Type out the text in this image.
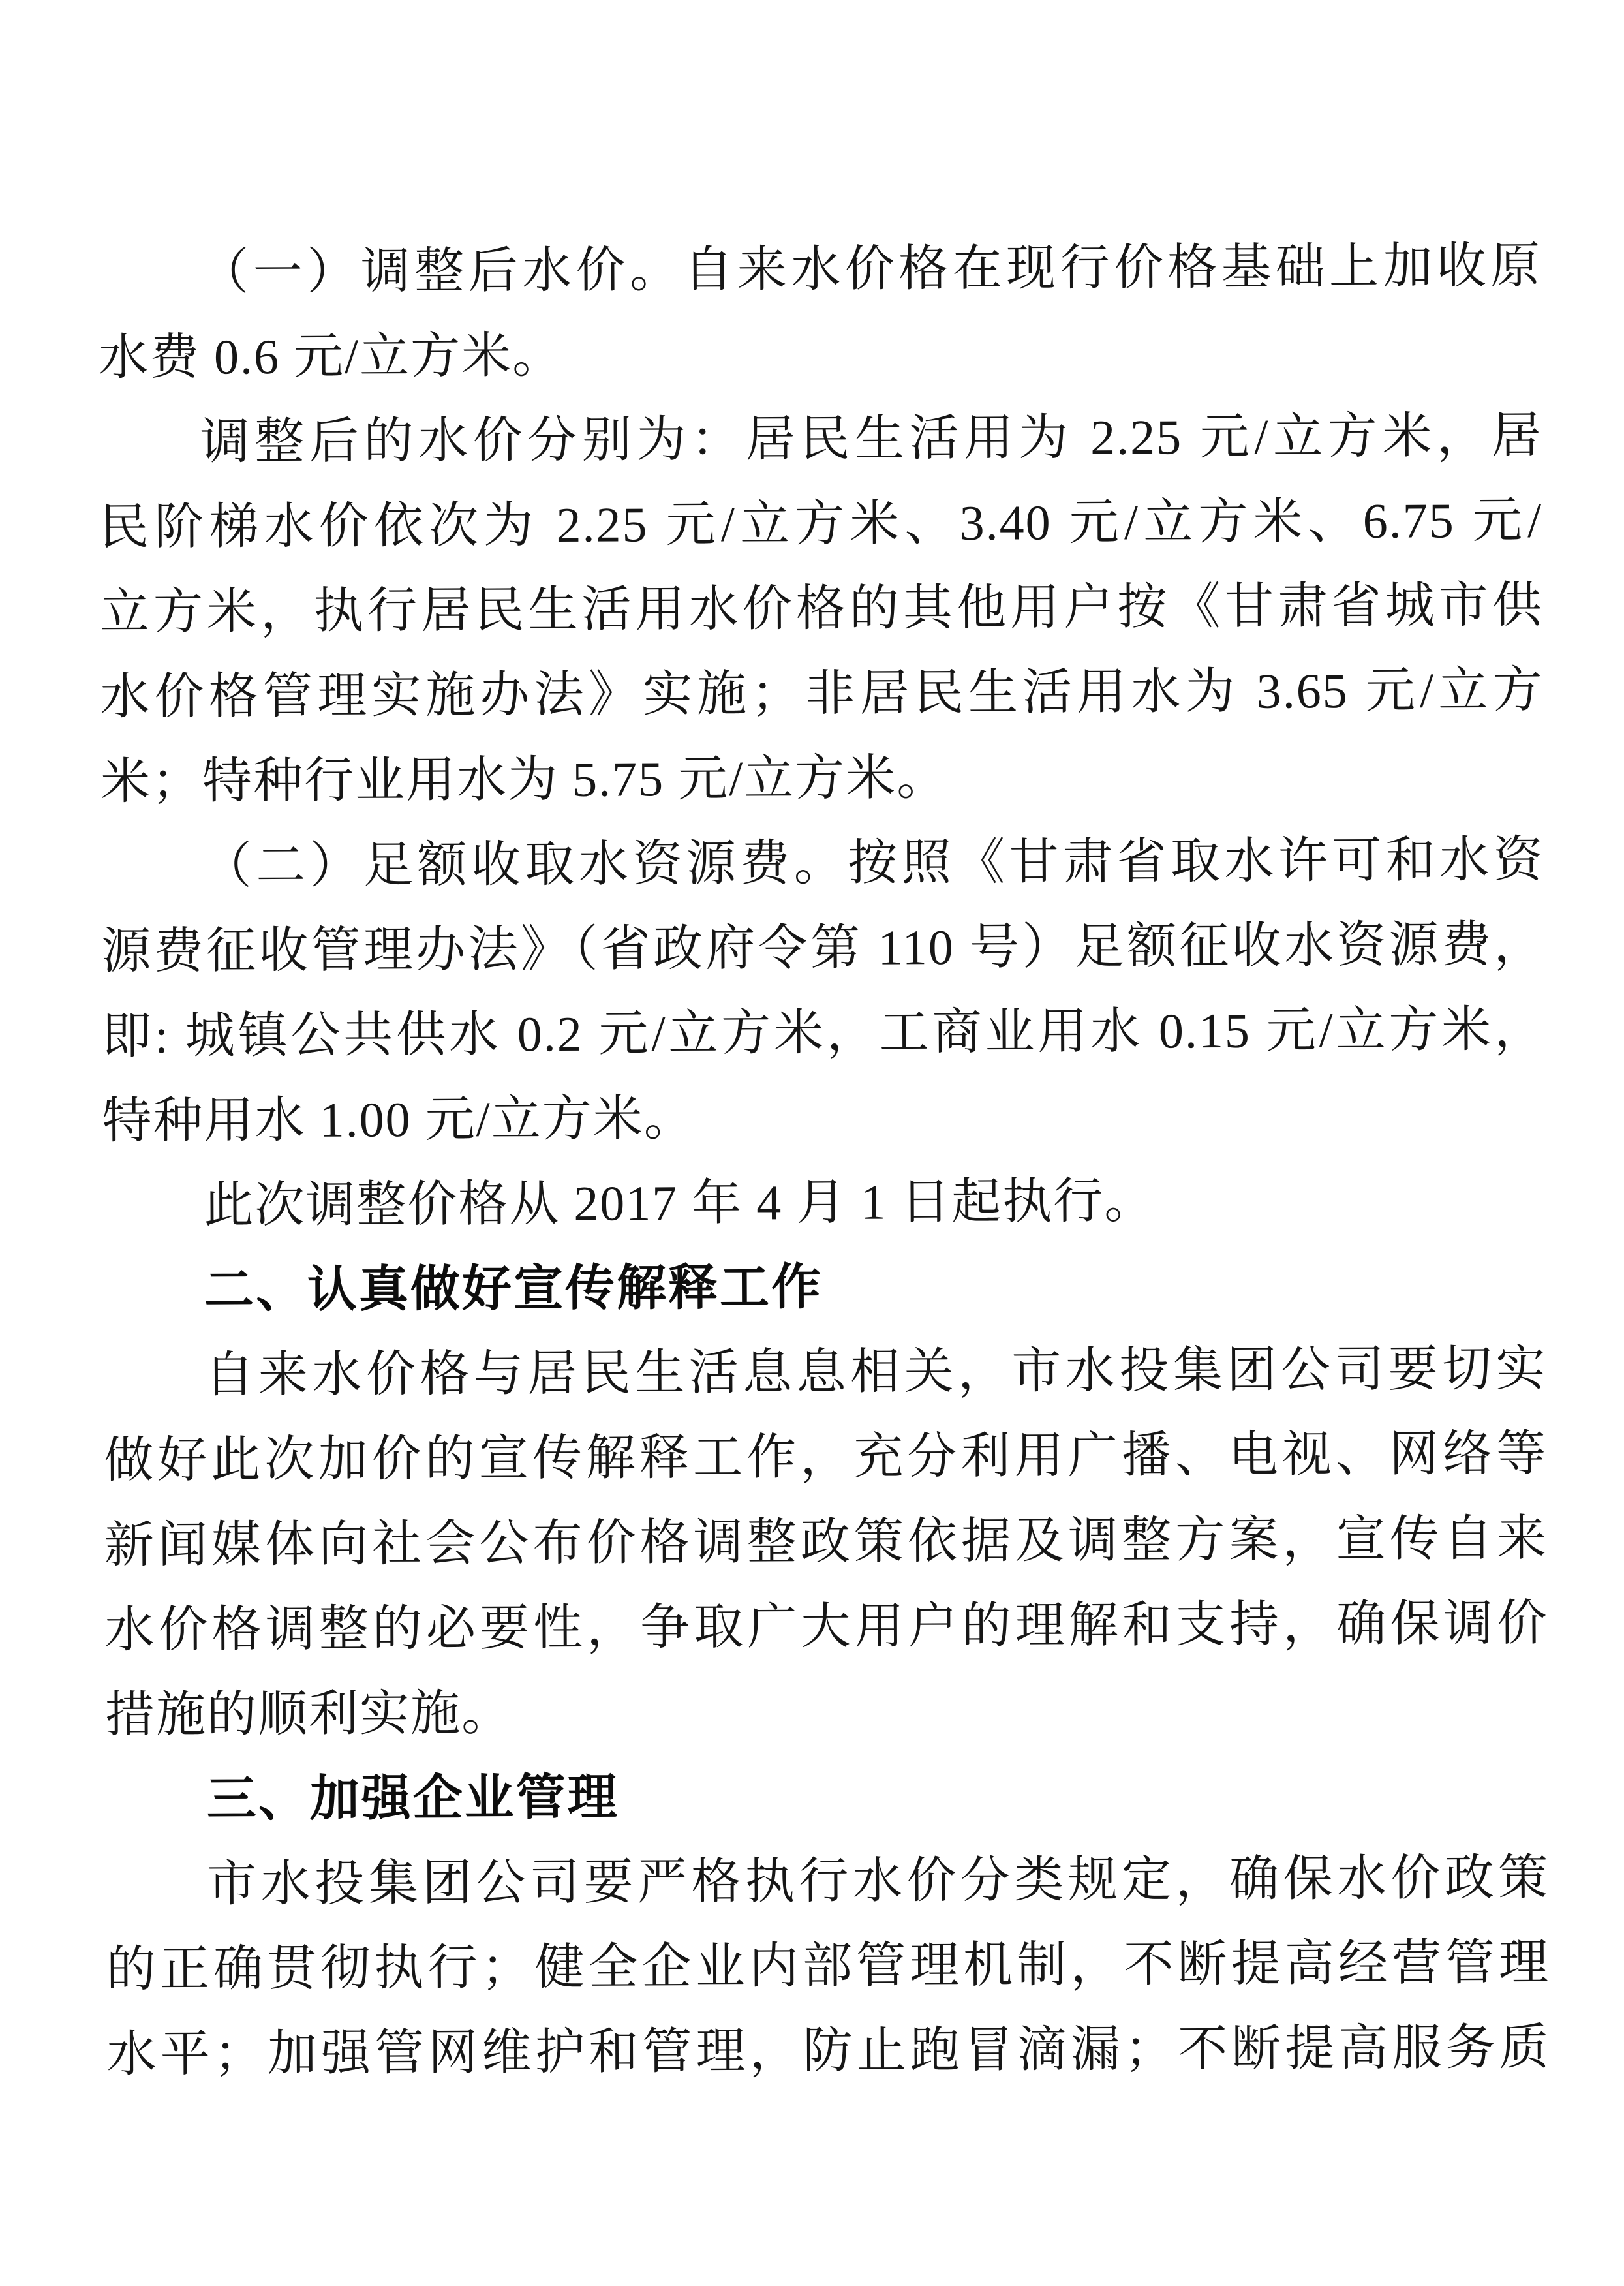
（一）调整后水价。自来水价格在现行价格基础上加收原
水费 0.6 元/立方米。
调整后的水价分别为：居民生活用为 2.25 元/立方米，居
民阶梯水价依次为 2.25 元/立方米、3.40 元/立方米、6.75 元/
立方米，执行居民生活用水价格的其他用户按《甘肃省城市供
水价格管理实施办法》实施；非居民生活用水为 3.65 元/立方
米；特种行业用水为 5.75 元/立方米。
（二）足额收取水资源费。按照《甘肃省取水许可和水资
源费征收管理办法》（省政府令第 110 号）足额征收水资源费，
即: 城镇公共供水 0.2 元/立方米，工商业用水 0.15 元/立方米，
特种用水 1.00 元/立方米。
此次调整价格从 2017 年 4 月 1 日起执行。
二、认真做好宣传解释工作
自来水价格与居民生活息息相关，市水投集团公司要切实
做好此次加价的宣传解释工作，充分利用广播、电视、网络等
新闻媒体向社会公布价格调整政策依据及调整方案，宣传自来
水价格调整的必要性，争取广大用户的理解和支持，确保调价
措施的顺利实施。
三、加强企业管理
市水投集团公司要严格执行水价分类规定，确保水价政策
的正确贯彻执行；健全企业内部管理机制，不断提高经营管理
水平；加强管网维护和管理，防止跑冒滴漏；不断提高服务质
